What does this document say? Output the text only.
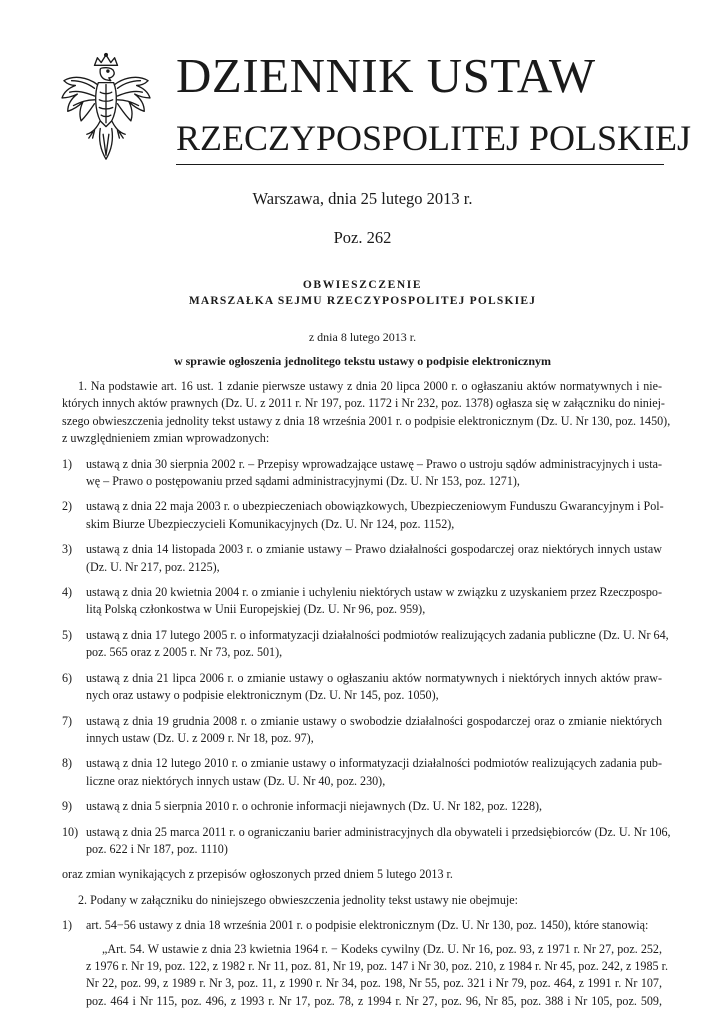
DZIENNIK USTAW
RZECZYPOSPOLITEJ POLSKIEJ
Warszawa, dnia 25 lutego 2013 r.
Poz. 262
OBWIESZCZENIE
MARSZAŁKA SEJMU RZECZYPOSPOLITEJ POLSKIEJ
z dnia 8 lutego 2013 r.
w sprawie ogłoszenia jednolitego tekstu ustawy o podpisie elektronicznym

1. Na podstawie art. 16 ust. 1 zdanie pierwsze ustawy z dnia 20 lipca 2000 r. o ogłaszaniu aktów normatywnych i nie-
których innych aktów prawnych (Dz. U. z 2011 r. Nr 197, poz. 1172 i Nr 232, poz. 1378) ogłasza się w załączniku do niniej-
szego obwieszczenia jednolity tekst ustawy z dnia 18 września 2001 r. o podpisie elektronicznym (Dz. U. Nr 130, poz. 1450),
z uwzględnieniem zmian wprowadzonych:

1)	ustawą z dnia 30 sierpnia 2002 r. – Przepisy wprowadzające ustawę – Prawo o ustroju sądów administracyjnych i usta-
wę – Prawo o postępowaniu przed sądami administracyjnymi (Dz. U. Nr 153, poz. 1271),
2)	ustawą z dnia 22 maja 2003 r. o ubezpieczeniach obowiązkowych, Ubezpieczeniowym Funduszu Gwarancyjnym i Pol-
skim Biurze Ubezpieczycieli Komunikacyjnych (Dz. U. Nr 124, poz. 1152),
3)	ustawą z dnia 14 listopada 2003 r. o zmianie ustawy – Prawo działalności gospodarczej oraz niektórych innych ustaw
(Dz. U. Nr 217, poz. 2125),
4)	ustawą z dnia 20 kwietnia 2004 r. o zmianie i uchyleniu niektórych ustaw w związku z uzyskaniem przez Rzeczpospo-
litą Polską członkostwa w Unii Europejskiej (Dz. U. Nr 96, poz. 959),
5)	ustawą z dnia 17 lutego 2005 r. o informatyzacji działalności podmiotów realizujących zadania publiczne (Dz. U. Nr 64,
poz. 565 oraz z 2005 r. Nr 73, poz. 501),
6)	ustawą z dnia 21 lipca 2006 r. o zmianie ustawy o ogłaszaniu aktów normatywnych i niektórych innych aktów praw-
nych oraz ustawy o podpisie elektronicznym (Dz. U. Nr 145, poz. 1050),
7)	ustawą z dnia 19 grudnia 2008 r. o zmianie ustawy o swobodzie działalności gospodarczej oraz o zmianie niektórych
innych ustaw (Dz. U. z 2009 r. Nr 18, poz. 97),
8)	ustawą z dnia 12 lutego 2010 r. o zmianie ustawy o informatyzacji działalności podmiotów realizujących zadania pub-
liczne oraz niektórych innych ustaw (Dz. U. Nr 40, poz. 230),
9)	ustawą z dnia 5 sierpnia 2010 r. o ochronie informacji niejawnych (Dz. U. Nr 182, poz. 1228),
10) ustawą z dnia 25 marca 2011 r. o ograniczaniu barier administracyjnych dla obywateli i przedsiębiorców (Dz. U. Nr 106,
poz. 622 i Nr 187, poz. 1110)

oraz zmian wynikających z przepisów ogłoszonych przed dniem 5 lutego 2013 r.

2. Podany w załączniku do niniejszego obwieszczenia jednolity tekst ustawy nie obejmuje:

1)	art. 54−56 ustawy z dnia 18 września 2001 r. o podpisie elektronicznym (Dz. U. Nr 130, poz. 1450), które stanowią:
„Art. 54. W ustawie z dnia 23 kwietnia 1964 r. − Kodeks cywilny (Dz. U. Nr 16, poz. 93, z 1971 r. Nr 27, poz. 252,
z 1976 r. Nr 19, poz. 122, z 1982 r. Nr 11, poz. 81, Nr 19, poz. 147 i Nr 30, poz. 210, z 1984 r. Nr 45, poz. 242, z 1985 r.
Nr 22, poz. 99, z 1989 r. Nr 3, poz. 11, z 1990 r. Nr 34, poz. 198, Nr 55, poz. 321 i Nr 79, poz. 464, z 1991 r. Nr 107,
poz. 464 i Nr 115, poz. 496, z 1993 r. Nr 17, poz. 78, z 1994 r. Nr 27, poz. 96, Nr 85, poz. 388 i Nr 105, poz. 509,
